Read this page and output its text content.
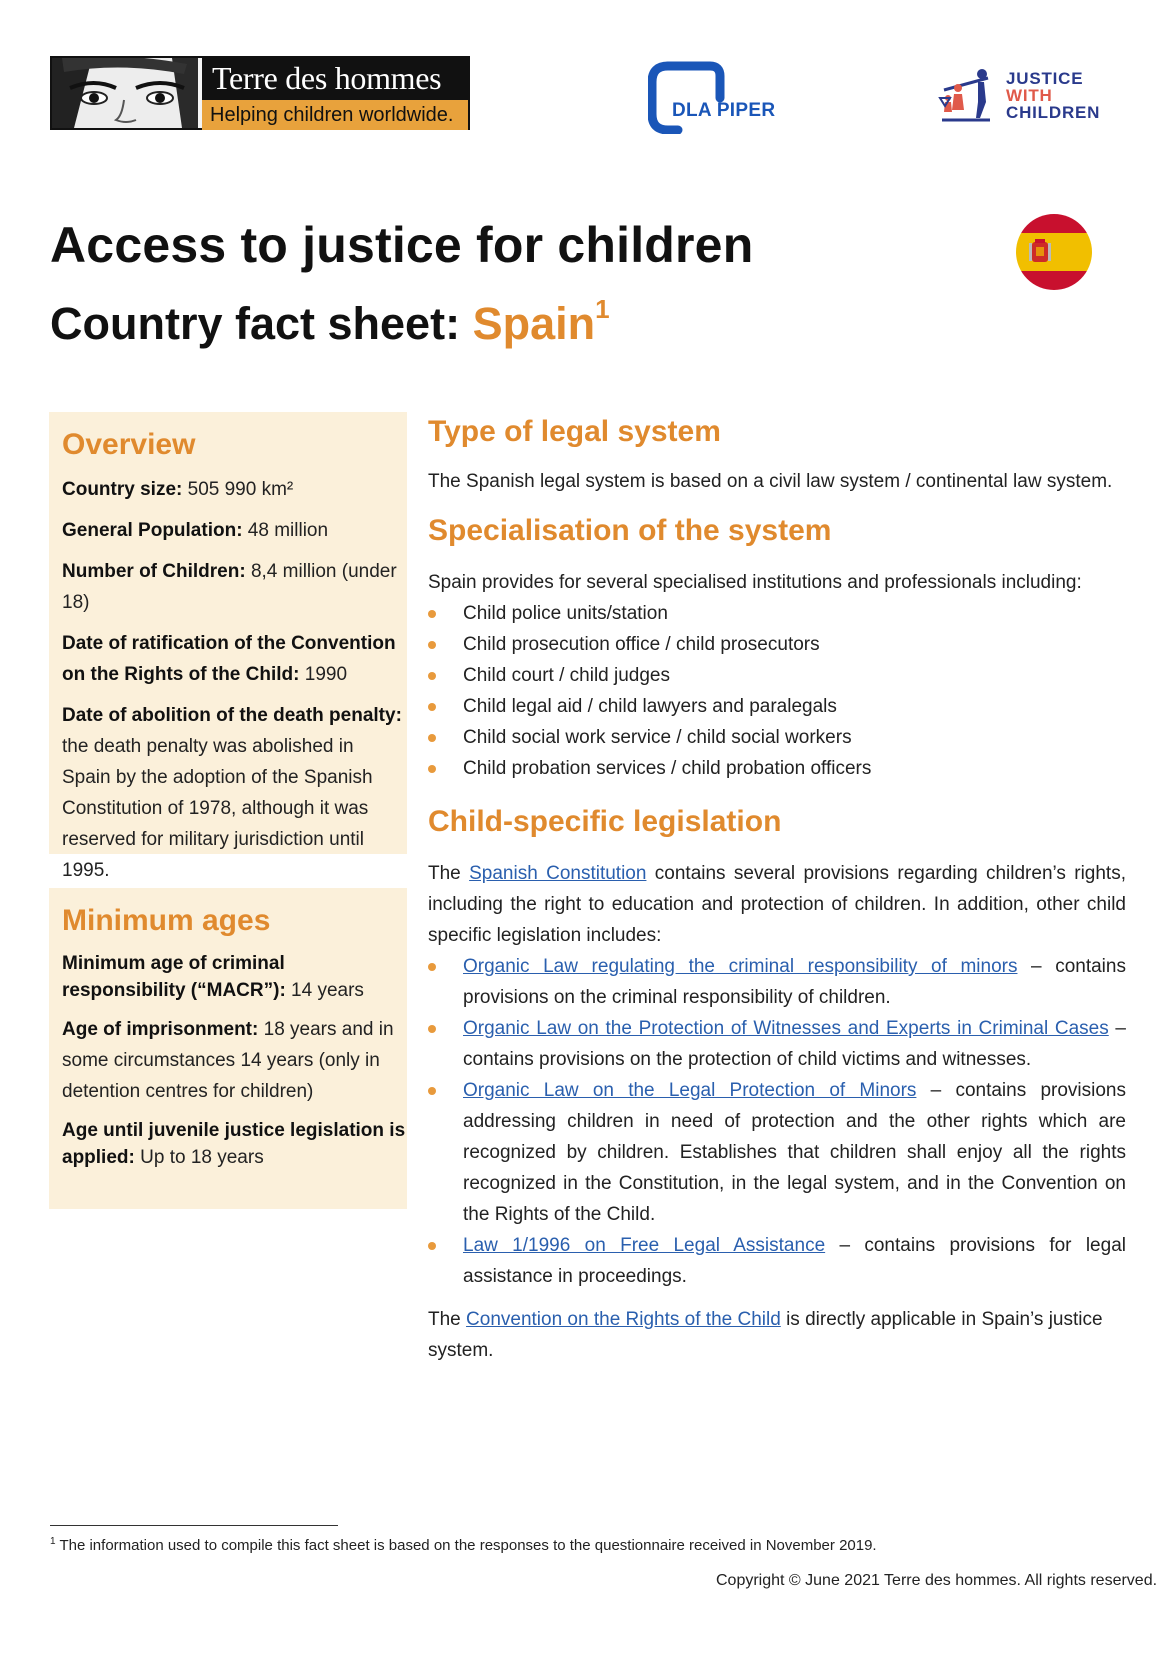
Terre des hommes
Helping children worldwide.	DLA PIPER
JUSTICE
WITH
CHILDREN
Access to justice for children
Country fact sheet: Spain$^1$
Overview

Country size: 505 990 km²

General Population: 48 million

Number of Children: 8,4 million (under 18)

Date of ratification of the Convention on the Rights of the Child: 1990

Date of abolition of the death penalty: the death penalty was abolished in Spain by the adoption of the Spanish Constitution of 1978, although it was reserved for military jurisdiction until 1995.

Minimum ages

Minimum age of criminal responsibility (“MACR”): 14 years

Age of imprisonment: 18 years and in some circumstances 14 years (only in detention centres for children)

Age until juvenile justice legislation is applied: Up to 18 years

Type of legal system

The Spanish legal system is based on a civil law system / continental law system.

Specialisation of the system

Spain provides for several specialised institutions and professionals including:

Child police units/station
Child prosecution office / child prosecutors
Child court / child judges
Child legal aid / child lawyers and paralegals
Child social work service / child social workers
Child probation services / child probation officers
Child-specific legislation

The Spanish Constitution contains several provisions regarding children’s rights, including the right to education and protection of children. In addition, other child specific legislation includes:

Organic Law regulating the criminal responsibility of minors – contains provisions on the criminal responsibility of children.
Organic Law on the Protection of Witnesses and Experts in Criminal Cases – contains provisions on the protection of child victims and witnesses.
Organic Law on the Legal Protection of Minors – contains provisions addressing children in need of protection and the other rights which are recognized by children. Establishes that children shall enjoy all the rights recognized in the Constitution, in the legal system, and in the Convention on the Rights of the Child.
Law 1/1996 on Free Legal Assistance – contains provisions for legal assistance in proceedings.

The Convention on the Rights of the Child is directly applicable in Spain’s justice system.

$^1$ The information used to compile this fact sheet is based on the responses to the questionnaire received in November 2019.
Copyright © June 2021 Terre des hommes. All rights reserved.
